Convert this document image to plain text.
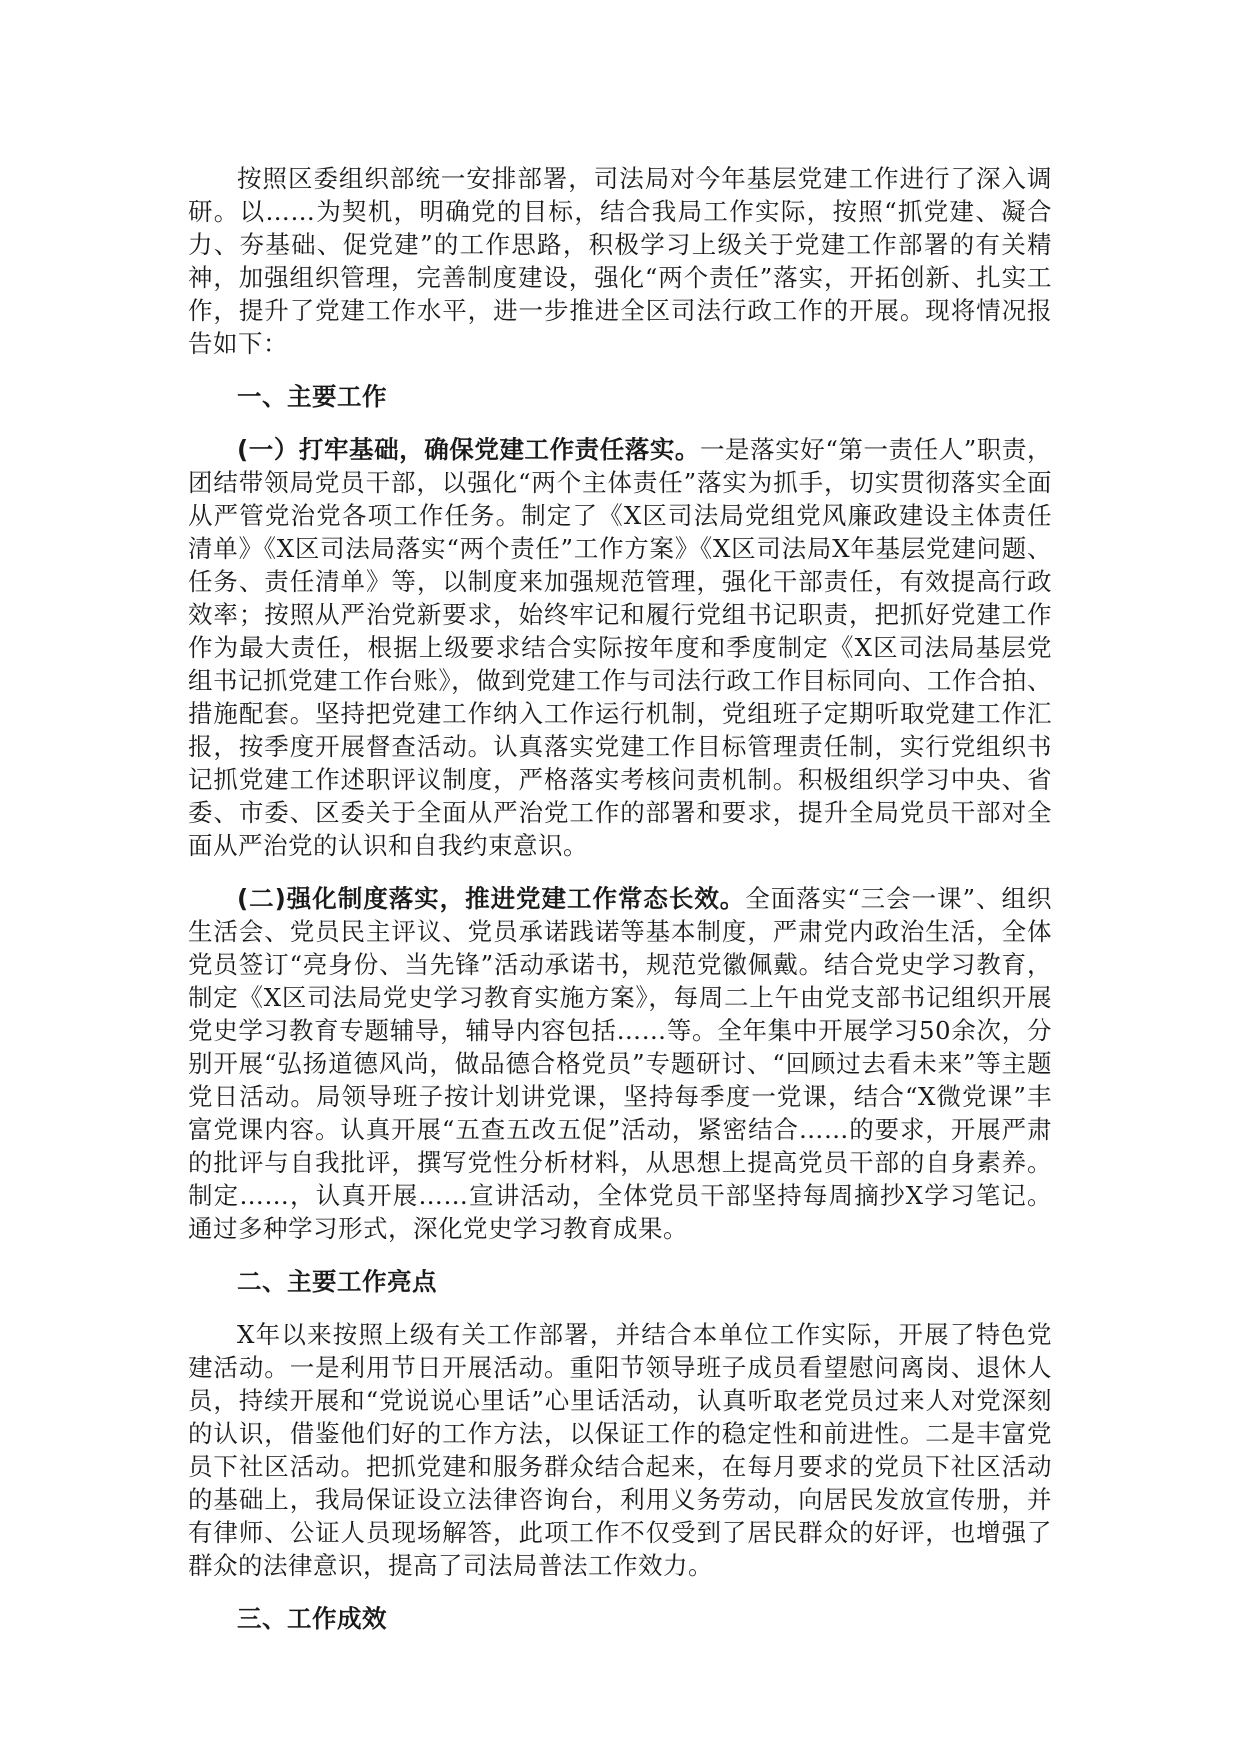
按照区委组织部统一安排部署，司法局对今年基层党建工作进行了深入调研。以……为契机，明确党的目标，结合我局工作实际，按照“抓党建、凝合力、夯基础、促党建”的工作思路，积极学习上级关于党建工作部署的有关精神，加强组织管理，完善制度建设，强化“两个责任”落实，开拓创新、扎实工作，提升了党建工作水平，进一步推进全区司法行政工作的开展。现将情况报告如下：

一、主要工作

(一）打牢基础，确保党建工作责任落实。一是落实好“第一责任人”职责，团结带领局党员干部，以强化“两个主体责任”落实为抓手，切实贯彻落实全面从严管党治党各项工作任务。制定了《X区司法局党组党风廉政建设主体责任清单》《X区司法局落实“两个责任”工作方案》《X区司法局X年基层党建问题、任务、责任清单》等，以制度来加强规范管理，强化干部责任，有效提高行政效率；按照从严治党新要求，始终牢记和履行党组书记职责，把抓好党建工作作为最大责任，根据上级要求结合实际按年度和季度制定《X区司法局基层党组书记抓党建工作台账》，做到党建工作与司法行政工作目标同向、工作合拍、措施配套。坚持把党建工作纳入工作运行机制，党组班子定期听取党建工作汇报，按季度开展督查活动。认真落实党建工作目标管理责任制，实行党组织书记抓党建工作述职评议制度，严格落实考核问责机制。积极组织学习中央、省委、市委、区委关于全面从严治党工作的部署和要求，提升全局党员干部对全面从严治党的认识和自我约束意识。

(二)强化制度落实，推进党建工作常态长效。全面落实“三会一课”、组织生活会、党员民主评议、党员承诺践诺等基本制度，严肃党内政治生活，全体党员签订“亮身份、当先锋”活动承诺书，规范党徽佩戴。结合党史学习教育，制定《X区司法局党史学习教育实施方案》，每周二上午由党支部书记组织开展党史学习教育专题辅导，辅导内容包括……等。全年集中开展学习50余次，分别开展“弘扬道德风尚，做品德合格党员”专题研讨、“回顾过去看未来”等主题党日活动。局领导班子按计划讲党课，坚持每季度一党课，结合“X微党课”丰富党课内容。认真开展“五查五改五促”活动，紧密结合……的要求，开展严肃的批评与自我批评，撰写党性分析材料，从思想上提高党员干部的自身素养。制定……，认真开展……宣讲活动，全体党员干部坚持每周摘抄X学习笔记。通过多种学习形式，深化党史学习教育成果。

二、主要工作亮点

X年以来按照上级有关工作部署，并结合本单位工作实际，开展了特色党建活动。一是利用节日开展活动。重阳节领导班子成员看望慰问离岗、退休人员，持续开展和“党说说心里话”心里话活动，认真听取老党员过来人对党深刻的认识，借鉴他们好的工作方法，以保证工作的稳定性和前进性。二是丰富党员下社区活动。把抓党建和服务群众结合起来，在每月要求的党员下社区活动的基础上，我局保证设立法律咨询台，利用义务劳动，向居民发放宣传册，并有律师、公证人员现场解答，此项工作不仅受到了居民群众的好评，也增强了群众的法律意识，提高了司法局普法工作效力。

三、工作成效
